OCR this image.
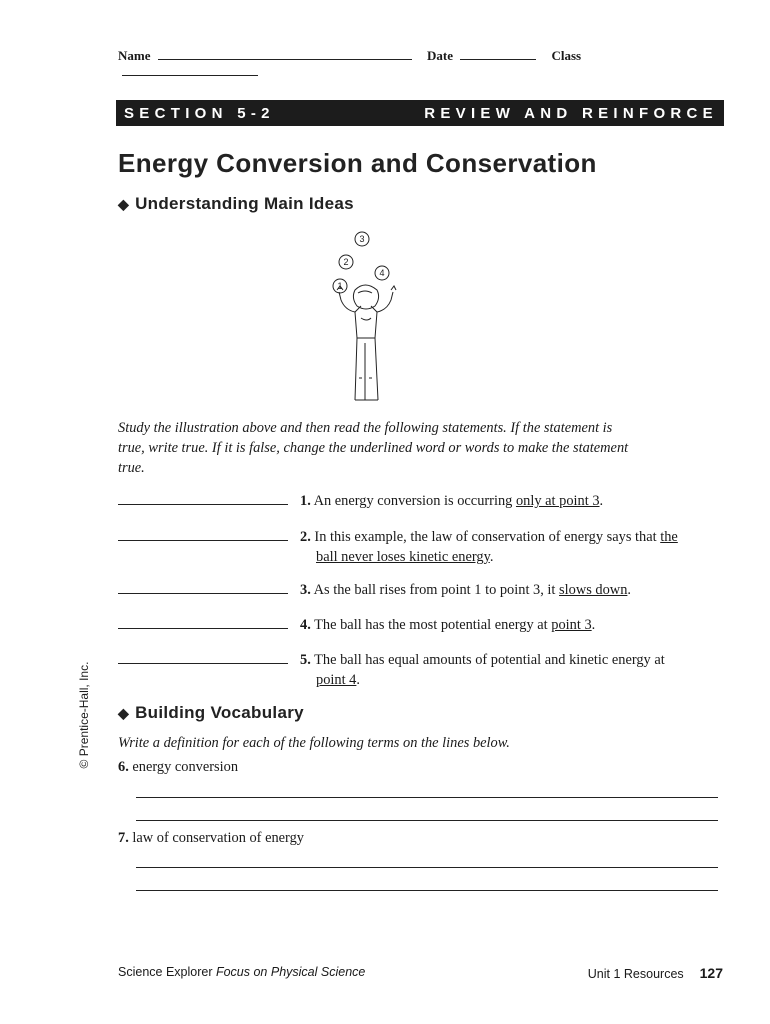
Name	Date	Class
SECTION 5-2	REVIEW AND REINFORCE
Energy Conversion and Conservation
◆ Understanding Main Ideas
3
2
4
1
Study the illustration above and then read the following statements. If the statement is true, write true. If it is false, change the underlined word or words to make the statement true.
1. An energy conversion is occurring only at point 3.
2. In this example, the law of conservation of energy says that the
ball never loses kinetic energy.
3. As the ball rises from point 1 to point 3, it slows down.
4. The ball has the most potential energy at point 3.
5. The ball has equal amounts of potential and kinetic energy at
point 4.
© Prentice-Hall, Inc. ◆ Building Vocabulary
Write a definition for each of the following terms on the lines below.
6. energy conversion
7. law of conservation of energy
Science Explorer Focus on Physical Science	Unit 1 Resources 127
